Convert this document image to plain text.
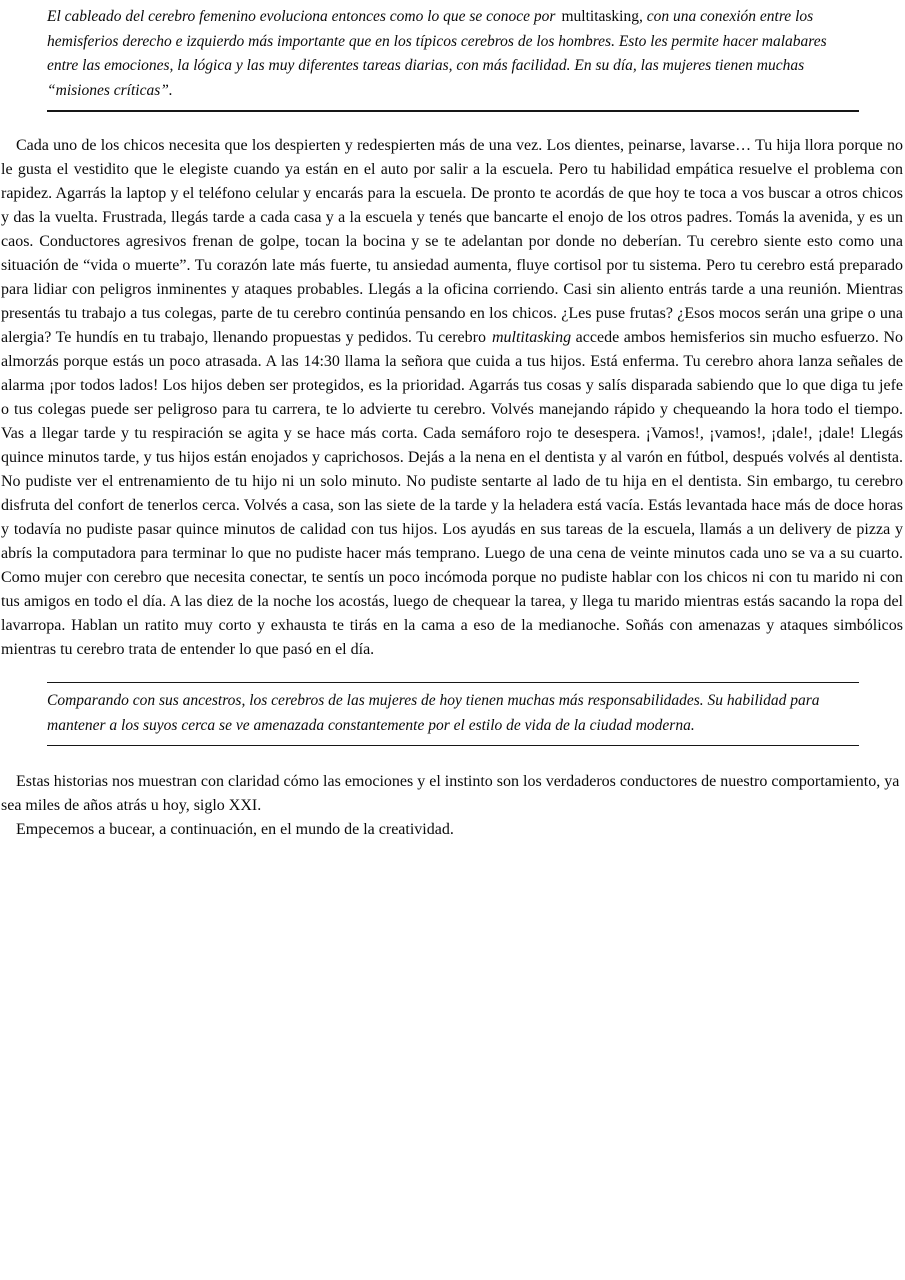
El cableado del cerebro femenino evoluciona entonces como lo que se conoce por multitasking, con una conexión entre los hemisferios derecho e izquierdo más importante que en los típicos cerebros de los hombres. Esto les permite hacer malabares entre las emociones, la lógica y las muy diferentes tareas diarias, con más facilidad. En su día, las mujeres tienen muchas “misiones críticas”.

Cada uno de los chicos necesita que los despierten y redespierten más de una vez. Los dientes, peinarse, lavarse… Tu hija llora porque no le gusta el vestidito que le elegiste cuando ya están en el auto por salir a la escuela. Pero tu habilidad empática resuelve el problema con rapidez. Agarrás la laptop y el teléfono celular y encarás para la escuela. De pronto te acordás de que hoy te toca a vos buscar a otros chicos y das la vuelta. Frustrada, llegás tarde a cada casa y a la escuela y tenés que bancarte el enojo de los otros padres. Tomás la avenida, y es un caos. Conductores agresivos frenan de golpe, tocan la bocina y se te adelantan por donde no deberían. Tu cerebro siente esto como una situación de “vida o muerte”. Tu corazón late más fuerte, tu ansiedad aumenta, fluye cortisol por tu sistema. Pero tu cerebro está preparado para lidiar con peligros inminentes y ataques probables. Llegás a la oficina corriendo. Casi sin aliento entrás tarde a una reunión. Mientras presentás tu trabajo a tus colegas, parte de tu cerebro continúa pensando en los chicos. ¿Les puse frutas? ¿Esos mocos serán una gripe o una alergia? Te hundís en tu trabajo, llenando propuestas y pedidos. Tu cerebro multitasking accede ambos hemisferios sin mucho esfuerzo. No almorzás porque estás un poco atrasada. A las 14:30 llama la señora que cuida a tus hijos. Está enferma. Tu cerebro ahora lanza señales de alarma ¡por todos lados! Los hijos deben ser protegidos, es la prioridad. Agarrás tus cosas y salís disparada sabiendo que lo que diga tu jefe o tus colegas puede ser peligroso para tu carrera, te lo advierte tu cerebro. Volvés manejando rápido y chequeando la hora todo el tiempo. Vas a llegar tarde y tu respiración se agita y se hace más corta. Cada semáforo rojo te desespera. ¡Vamos!, ¡vamos!, ¡dale!, ¡dale! Llegás quince minutos tarde, y tus hijos están enojados y caprichosos. Dejás a la nena en el dentista y al varón en fútbol, después volvés al dentista. No pudiste ver el entrenamiento de tu hijo ni un solo minuto. No pudiste sentarte al lado de tu hija en el dentista. Sin embargo, tu cerebro disfruta del confort de tenerlos cerca. Volvés a casa, son las siete de la tarde y la heladera está vacía. Estás levantada hace más de doce horas y todavía no pudiste pasar quince minutos de calidad con tus hijos. Los ayudás en sus tareas de la escuela, llamás a un delivery de pizza y abrís la computadora para terminar lo que no pudiste hacer más temprano. Luego de una cena de veinte minutos cada uno se va a su cuarto. Como mujer con cerebro que necesita conectar, te sentís un poco incómoda porque no pudiste hablar con los chicos ni con tu marido ni con tus amigos en todo el día. A las diez de la noche los acostás, luego de chequear la tarea, y llega tu marido mientras estás sacando la ropa del lavarropa. Hablan un ratito muy corto y exhausta te tirás en la cama a eso de la medianoche. Soñás con amenazas y ataques simbólicos mientras tu cerebro trata de entender lo que pasó en el día.

Comparando con sus ancestros, los cerebros de las mujeres de hoy tienen muchas más responsabilidades. Su habilidad para mantener a los suyos cerca se ve amenazada constantemente por el estilo de vida de la ciudad moderna.

Estas historias nos muestran con claridad cómo las emociones y el instinto son los verdaderos conductores de nuestro comportamiento, ya sea miles de años atrás u hoy, siglo XXI.

Empecemos a bucear, a continuación, en el mundo de la creatividad.
